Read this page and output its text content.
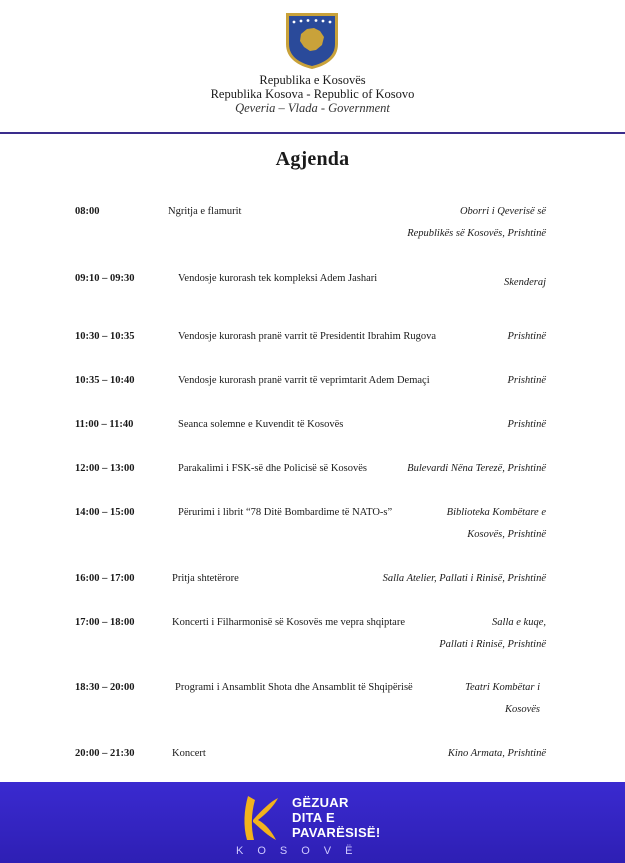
Republika e Kosovës
Republika Kosova - Republic of Kosovo
Qeveria – Vlada - Government
Agjenda
08:00	Ngritja e flamurit	Oborri i Qeverisë së
Republikës së Kosovës, Prishtinë
09:10 – 09:30	Vendosje kurorash tek kompleksi Adem Jashari	Skenderaj
10:30 – 10:35	Vendosje kurorash pranë varrit të Presidentit Ibrahim Rugova	Prishtinë
10:35 – 10:40	Vendosje kurorash pranë varrit të veprimtarit Adem Demaçi	Prishtinë
11:00 – 11:40	Seanca solemne e Kuvendit të Kosovës	Prishtinë
12:00 – 13:00	Parakalimi i FSK-së dhe Policisë së Kosovës	Bulevardi Nëna Terezë, Prishtinë
14:00 – 15:00	Përurimi i librit “78 Ditë Bombardime të NATO-s”	Biblioteka Kombëtare e
Kosovës, Prishtinë
16:00 – 17:00	Pritja shtetërore	Salla Atelier, Pallati i Rinisë, Prishtinë
17:00 – 18:00	Koncerti i Filharmonisë së Kosovës me vepra shqiptare	Salla e kuqe,
Pallati i Rinisë, Prishtinë
18:30 – 20:00	Programi i Ansamblit Shota dhe Ansamblit të Shqipërisë	Teatri Kombëtar i
Kosovës
20:00 – 21:30	Koncert	Kino Armata, Prishtinë
GËZUAR
DITA E
PAVARËSISË!
KOSOVË
